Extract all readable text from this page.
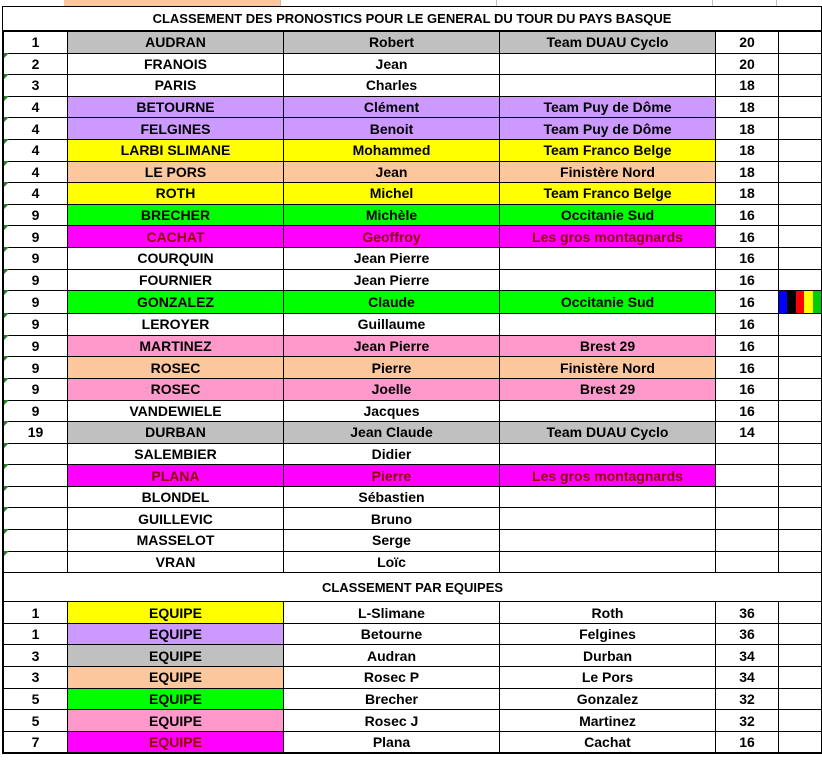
CLASSEMENT DES PRONOSTICS POUR LE GENERAL DU TOUR DU PAYS BASQUE
1	AUDRAN	Robert	Team DUAU Cyclo	20	
2	FRANOIS	Jean		20	
3	PARIS	Charles		18	
4	BETOURNE	Clément	Team Puy de Dôme	18	
4	FELGINES	Benoit	Team Puy de Dôme	18	
4	LARBI SLIMANE	Mohammed	Team Franco Belge	18	
4	LE PORS	Jean	Finistère Nord	18	
4	ROTH	Michel	Team Franco Belge	18	
9	BRECHER	Michèle	Occitanie Sud	16	
9	CACHAT	Geoffroy	Les gros montagnards	16	
9	COURQUIN	Jean Pierre		16	
9	FOURNIER	Jean Pierre		16	
9	GONZALEZ	Claude	Occitanie Sud	16	

9	LEROYER	Guillaume		16	
9	MARTINEZ	Jean Pierre	Brest 29	16	
9	ROSEC	Pierre	Finistère Nord	16	
9	ROSEC	Joelle	Brest 29	16	
9	VANDEWIELE	Jacques		16	
19	DURBAN	Jean Claude	Team DUAU Cyclo	14	
	SALEMBIER	Didier			
	PLANA	Pierre	Les gros montagnards		
	BLONDEL	Sébastien			
	GUILLEVIC	Bruno			
	MASSELOT	Serge			
	VRAN	Loïc			
CLASSEMENT PAR EQUIPES					
1	EQUIPE	L-Slimane	Roth	36	
1	EQUIPE	Betourne	Felgines	36	
3	EQUIPE	Audran	Durban	34	
3	EQUIPE	Rosec P	Le Pors	34	
5	EQUIPE	Brecher	Gonzalez	32	
5	EQUIPE	Rosec J	Martinez	32	
7	EQUIPE	Plana	Cachat	16	
